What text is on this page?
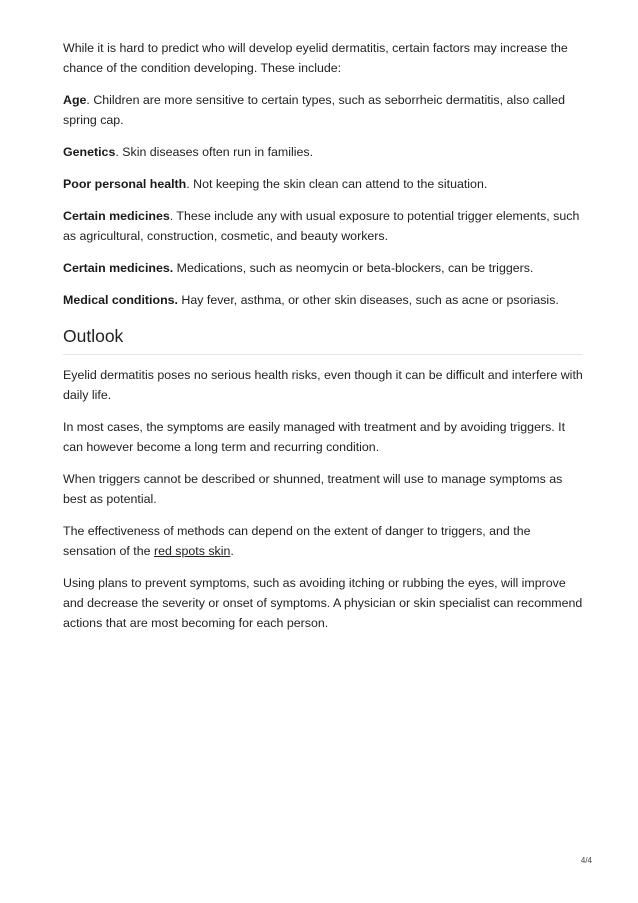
While it is hard to predict who will develop eyelid dermatitis, certain factors may increase the chance of the condition developing. These include:

Age. Children are more sensitive to certain types, such as seborrheic dermatitis, also called spring cap.

Genetics. Skin diseases often run in families.

Poor personal health. Not keeping the skin clean can attend to the situation.

Certain medicines. These include any with usual exposure to potential trigger elements, such as agricultural, construction, cosmetic, and beauty workers.

Certain medicines. Medications, such as neomycin or beta-blockers, can be triggers.

Medical conditions. Hay fever, asthma, or other skin diseases, such as acne or psoriasis.

Outlook

Eyelid dermatitis poses no serious health risks, even though it can be difficult and interfere with daily life.

In most cases, the symptoms are easily managed with treatment and by avoiding triggers. It can however become a long term and recurring condition.

When triggers cannot be described or shunned, treatment will use to manage symptoms as best as potential.

The effectiveness of methods can depend on the extent of danger to triggers, and the sensation of the red spots skin.

Using plans to prevent symptoms, such as avoiding itching or rubbing the eyes, will improve and decrease the severity or onset of symptoms. A physician or skin specialist can recommend actions that are most becoming for each person.

4/4
